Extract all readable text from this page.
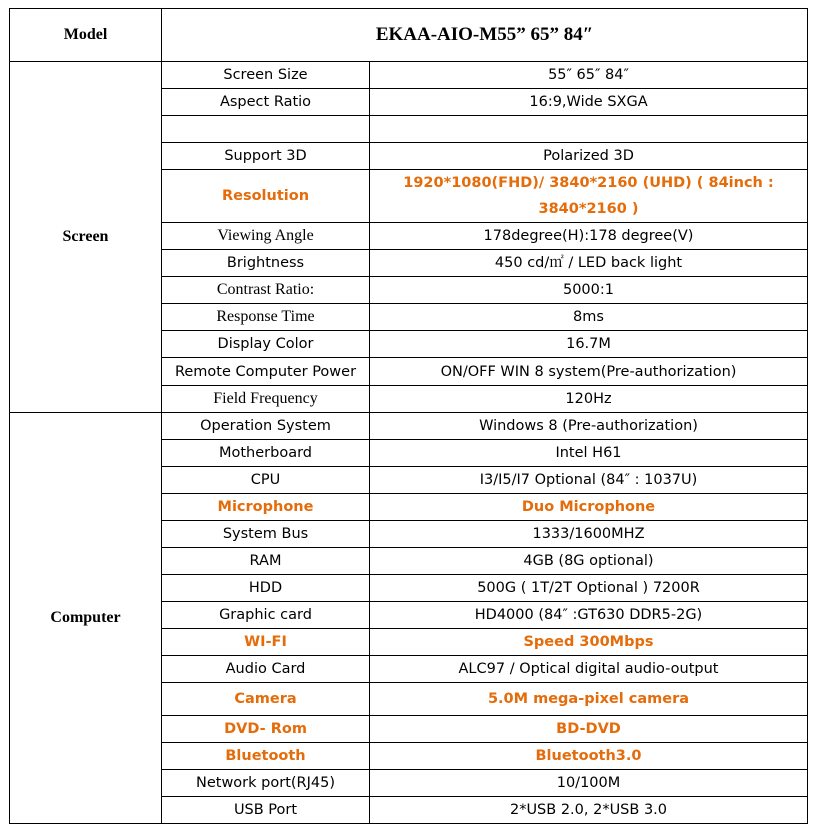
Model	EKAA-AIO-M55” 65” 84″	
Screen	Screen Size	55″ 65″ 84″
	Aspect Ratio	16:9,Wide SXGA

	Support 3D	Polarized 3D
	Resolution	1920*1080(FHD)/ 3840*2160 (UHD) ( 84inch : 3840*2160 )
	Viewing Angle	178degree(H):178 degree(V)
	Brightness	450 cd/㎡ / LED back light
	Contrast Ratio:	5000:1
	Response Time	8ms
	Display Color	16.7M
	Remote Computer Power	ON/OFF WIN 8 system(Pre-authorization)
	Field Frequency	120Hz
Computer	Operation System	Windows 8 (Pre-authorization)
	Motherboard	Intel H61
	CPU	I3/I5/I7 Optional (84″ : 1037U)
	Microphone	Duo Microphone
	System Bus	1333/1600MHZ
	RAM	4GB (8G optional)
	HDD	500G ( 1T/2T Optional ) 7200R
	Graphic card	HD4000 (84″ :GT630 DDR5-2G)
	WI-FI	Speed 300Mbps
	Audio Card	ALC97 / Optical digital audio-output
	Camera	5.0M mega-pixel camera
	DVD- Rom	BD-DVD
	Bluetooth	Bluetooth3.0
	Network port(RJ45)	10/100M
	USB Port	2*USB 2.0, 2*USB 3.0
